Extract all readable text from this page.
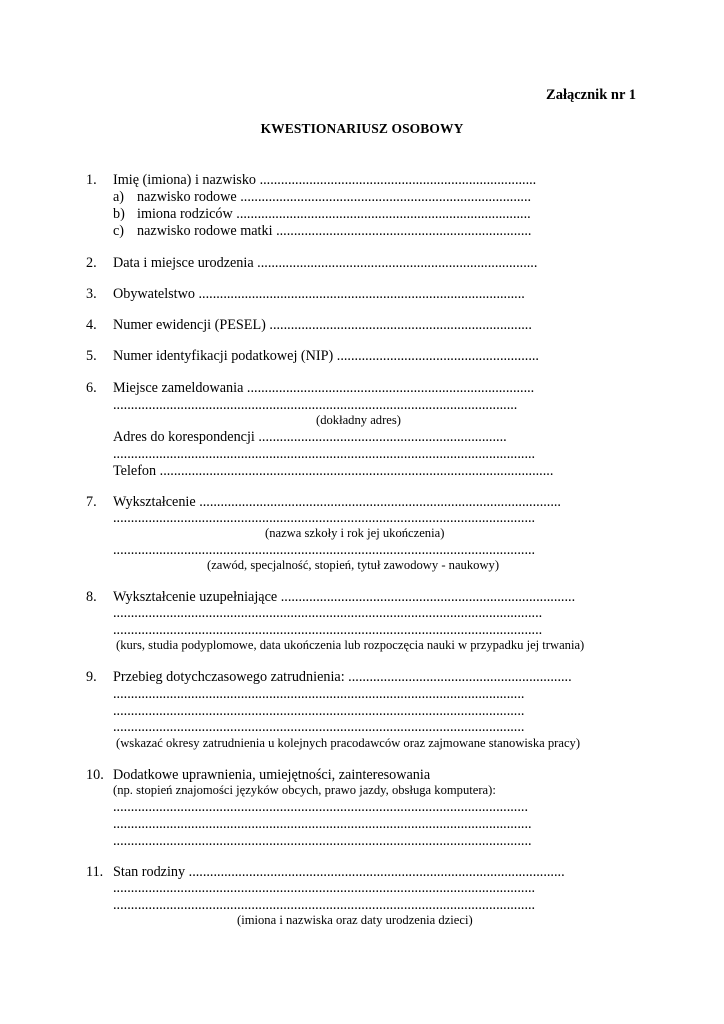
Załącznik nr 1
KWESTIONARIUSZ OSOBOWY
1. Imię (imiona) i nazwisko ..............................................................................
a) nazwisko rodowe ..................................................................................
b) imiona rodziców ...................................................................................
c) nazwisko rodowe matki ........................................................................
2. Data i miejsce urodzenia ...............................................................................
3. Obywatelstwo ............................................................................................
4. Numer ewidencji (PESEL) ..........................................................................
5. Numer identyfikacji podatkowej (NIP) .........................................................
6. Miejsce zameldowania .................................................................................
..................................................................................................................
(dokładny adres)
Adres do korespondencji ......................................................................
.......................................................................................................................
Telefon ...............................................................................................................
7. Wykształcenie ......................................................................................................
.......................................................................................................................
(nazwa szkoły i rok jej ukończenia)
.......................................................................................................................
(zawód, specjalność, stopień, tytuł zawodowy - naukowy)
8. Wykształcenie uzupełniające ...................................................................................
.........................................................................................................................
.........................................................................................................................
(kurs, studia podyplomowe, data ukończenia lub rozpoczęcia nauki w przypadku jej trwania)
9. Przebieg dotychczasowego zatrudnienia: ...............................................................
....................................................................................................................
....................................................................................................................
....................................................................................................................
(wskazać okresy zatrudnienia u kolejnych pracodawców oraz zajmowane stanowiska pracy)
10. Dodatkowe uprawnienia, umiejętności, zainteresowania
(np. stopień znajomości języków obcych, prawo jazdy, obsługa komputera):
.....................................................................................................................
......................................................................................................................
......................................................................................................................
11. Stan rodziny ..........................................................................................................
.......................................................................................................................
.......................................................................................................................
(imiona i nazwiska oraz daty urodzenia dzieci)
